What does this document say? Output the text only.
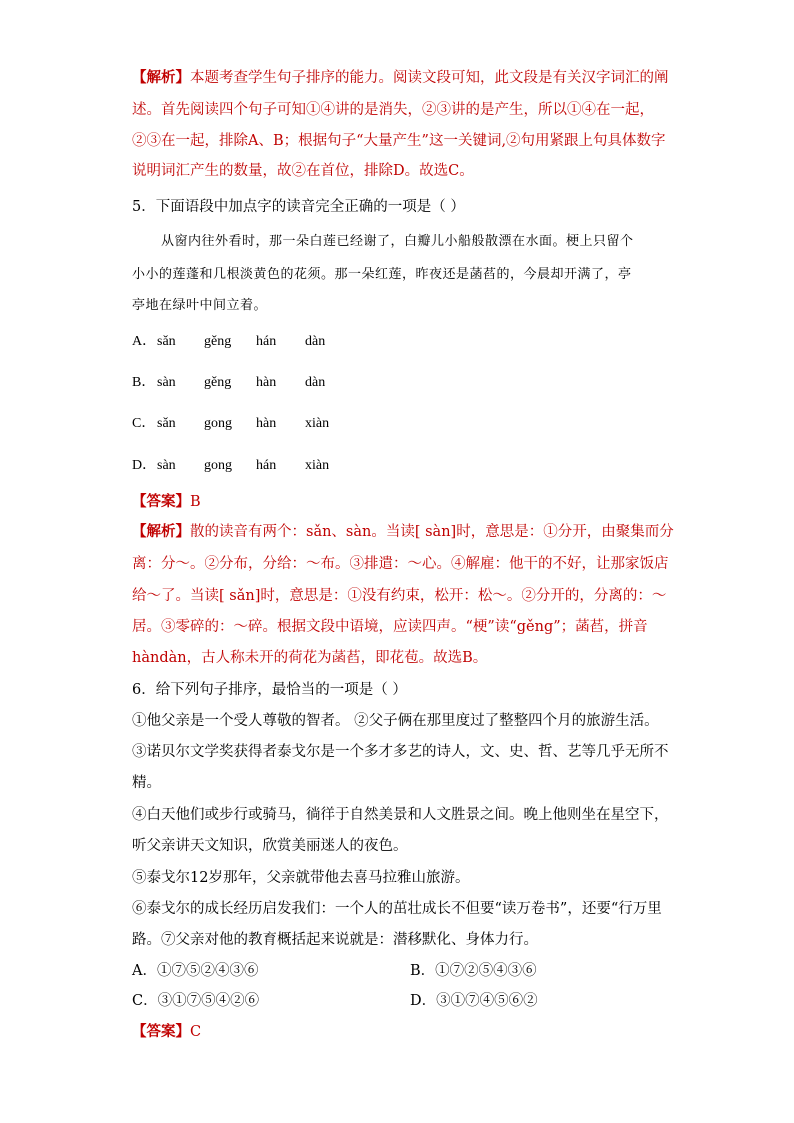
【解析】本题考查学生句子排序的能力。阅读文段可知，此文段是有关汉字词汇的阐
述。首先阅读四个句子可知①④讲的是消失，②③讲的是产生，所以①④在一起，
②③在一起，排除A、B；根据句子“大量产生”这一关键词,②句用紧跟上句具体数字
说明词汇产生的数量，故②在首位，排除D。故选C。
5．下面语段中加点字的读音完全正确的一项是（ ）
从窗内往外看时，那一朵白莲已经谢了，白瓣儿小船般散漂在水面。梗上只留个
小小的莲蓬和几根淡黄色的花须。那一朵红莲，昨夜还是菡萏的，今晨却开满了，亭
亭地在绿叶中间立着。
A． sǎn gěng hán dàn
B． sàn gěng hàn dàn
C． sǎn gong hàn xiàn
D． sàn gong hán xiàn
【答案】B
【解析】散的读音有两个：sǎn、sàn。当读[ sàn]时，意思是：①分开，由聚集而分
离：分～。②分布，分给：～布。③排遣：～心。④解雇：他干的不好，让那家饭店
给～了。当读[ sǎn]时，意思是：①没有约束，松开：松～。②分开的，分离的：～
居。③零碎的：～碎。根据文段中语境，应读四声。“梗”读“gěng”；菡萏，拼音
hàndàn，古人称未开的荷花为菡萏，即花苞。故选B。
6．给下列句子排序，最恰当的一项是（ ）
①他父亲是一个受人尊敬的智者。 ②父子俩在那里度过了整整四个月的旅游生活。
③诺贝尔文学奖获得者泰戈尔是一个多才多艺的诗人，文、史、哲、艺等几乎无所不
精。
④白天他们或步行或骑马，徜徉于自然美景和人文胜景之间。晚上他则坐在星空下，
听父亲讲天文知识，欣赏美丽迷人的夜色。
⑤泰戈尔12岁那年，父亲就带他去喜马拉雅山旅游。
⑥泰戈尔的成长经历启发我们：一个人的茁壮成长不但要“读万卷书”，还要“行万里
路。⑦父亲对他的教育概括起来说就是：潜移默化、身体力行。
A．①⑦⑤②④③⑥	B．①⑦②⑤④③⑥
C．③①⑦⑤④②⑥	D．③①⑦④⑤⑥②
【答案】C
